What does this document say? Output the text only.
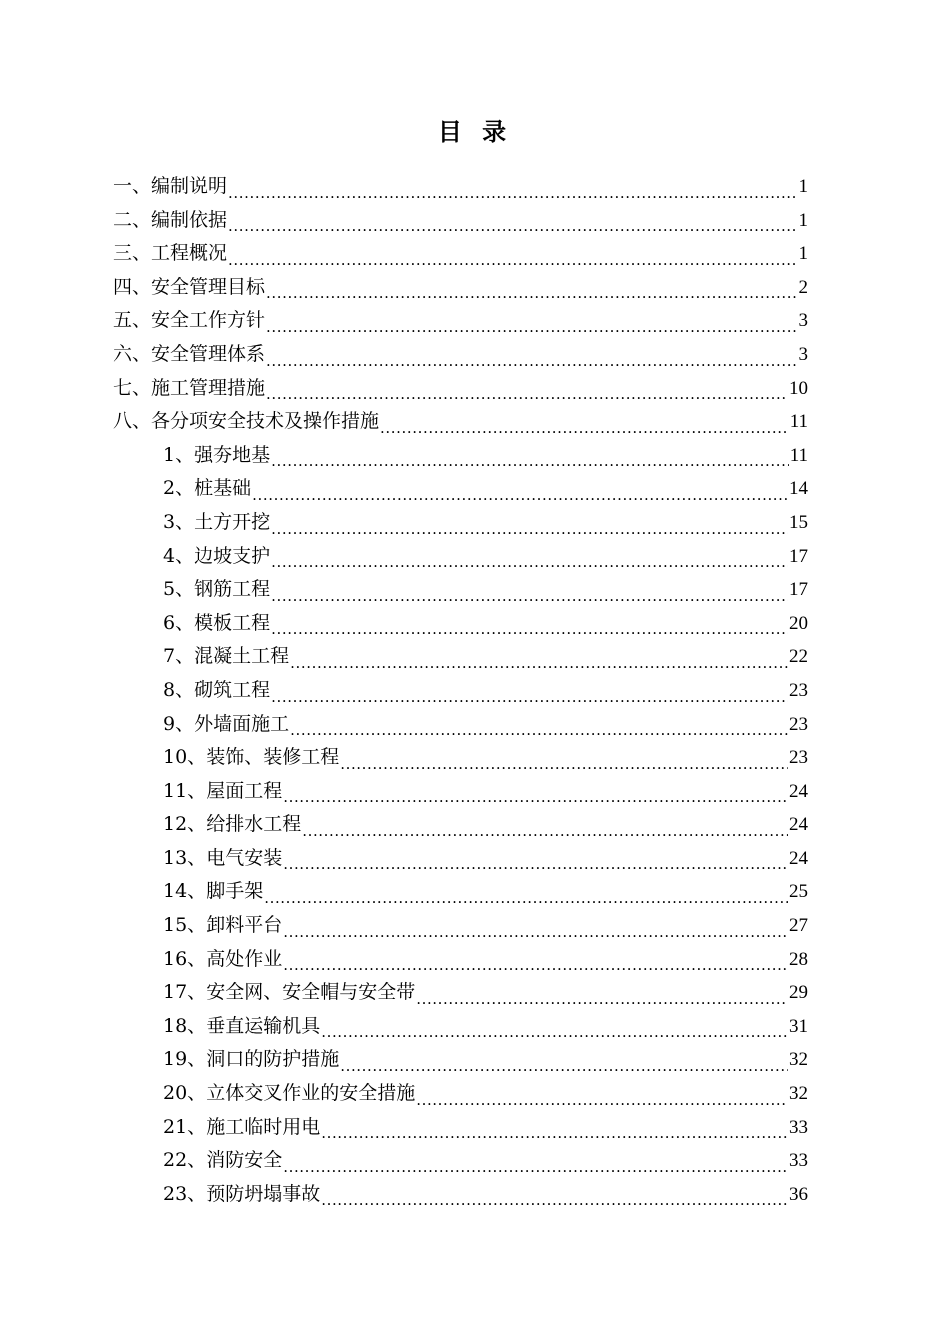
目 录
一、 编制说明 .....	1
二、 编制依据 .....	1
三、 工程概况 .....	1
四、 安全管理目标 .....	2
五、 安全工作方针 .....	3
六、 安全管理体系 .....	3
七、 施工管理措施 .....	10
八、 各分项安全技术及操作措施 .....	11
1、 强夯地基 .....	11
2、 桩基础 .....	14
3、 土方开挖 .....	15
4、 边坡支护 .....	17
5、 钢筋工程 .....	17
6、 模板工程 .....	20
7、 混凝土工程 .....	22
8、 砌筑工程 .....	23
9、 外墙面施工 .....	23
10、 装饰、装修工程 .....	23
11、 屋面工程 .....	24
12、 给排水工程 .....	24
13、 电气安装 .....	24
14、 脚手架 .....	25
15、 卸料平台 .....	27
16、 高处作业 .....	28
17、 安全网、安全帽与安全带 .....	29
18、 垂直运输机具 .....	31
19、 洞口的防护措施 .....	32
20、 立体交叉作业的安全措施 .....	32
21、 施工临时用电 .....	33
22、 消防安全 .....	33
23、 预防坍塌事故 .....	36
